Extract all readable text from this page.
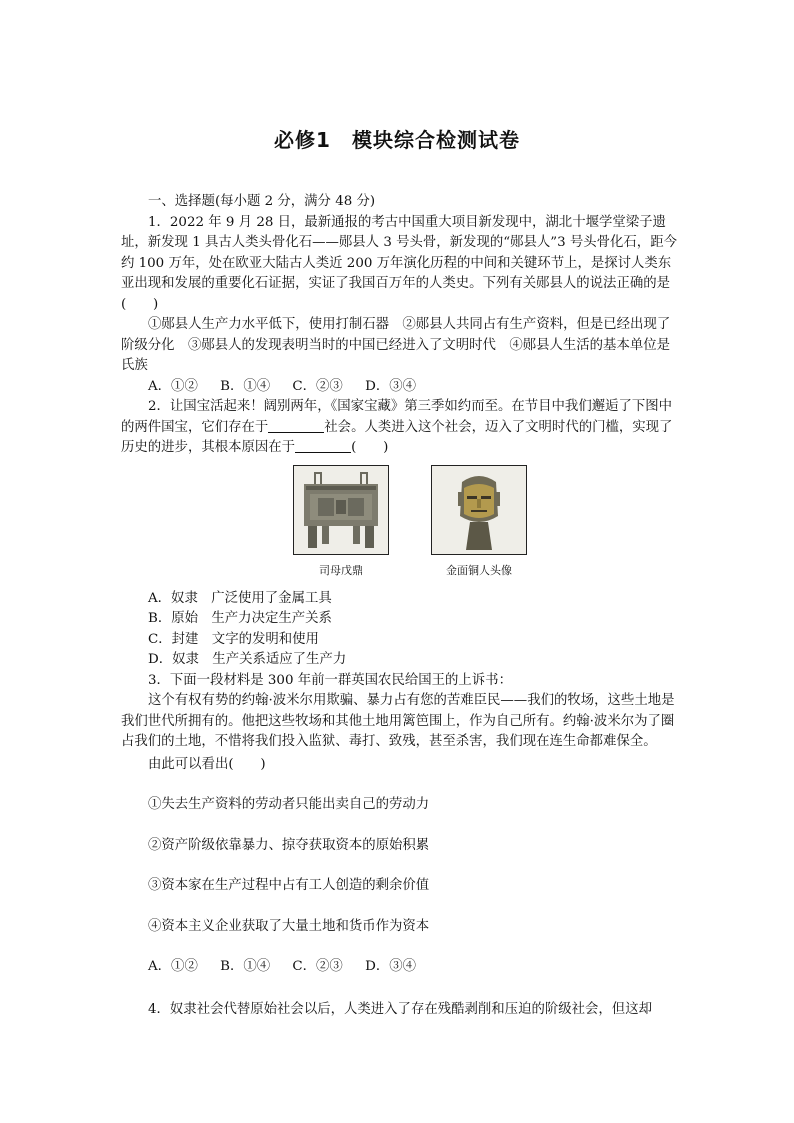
必修1　模块综合检测试卷

一、选择题(每小题 2 分，满分 48 分)

1．2022 年 9 月 28 日，最新通报的考古中国重大项目新发现中，湖北十堰学堂梁子遗址，新发现 1 具古人类头骨化石——郧县人 3 号头骨，新发现的“郧县人”3 号头骨化石，距今约 100 万年，处在欧亚大陆古人类近 200 万年演化历程的中间和关键环节上，是探讨人类东亚出现和发展的重要化石证据，实证了我国百万年的人类史。下列有关郧县人的说法正确的是(　　)

①郧县人生产力水平低下，使用打制石器　②郧县人共同占有生产资料，但是已经出现了阶级分化　③郧县人的发现表明当时的中国已经进入了文明时代　④郧县人生活的基本单位是氏族

A．①② B．①④ C．②③ D．③④

2．让国宝活起来！阔别两年，《国家宝藏》第三季如约而至。在节目中我们邂逅了下图中的两件国宝，它们存在于	社会。人类进入这个社会，迈入了文明时代的门槛，实现了历史的进步，其根本原因在于	(　　)

司母戊鼎	金面铜人头像

A．奴隶　广泛使用了金属工具

B．原始　生产力决定生产关系

C．封建　文字的发明和使用

D．奴隶　生产关系适应了生产力

3．下面一段材料是 300 年前一群英国农民给国王的上诉书：

这个有权有势的约翰·波米尔用欺骗、暴力占有您的苦难臣民——我们的牧场，这些土地是我们世代所拥有的。他把这些牧场和其他土地用篱笆围上，作为自己所有。约翰·波米尔为了圈占我们的土地，不惜将我们投入监狱、毒打、致残，甚至杀害，我们现在连生命都难保全。

由此可以看出(　　)

①失去生产资料的劳动者只能出卖自己的劳动力

②资产阶级依靠暴力、掠夺获取资本的原始积累

③资本家在生产过程中占有工人创造的剩余价值

④资本主义企业获取了大量土地和货币作为资本

A．①② B．①④ C．②③ D．③④

4．奴隶社会代替原始社会以后，人类进入了存在残酷剥削和压迫的阶级社会，但这却
